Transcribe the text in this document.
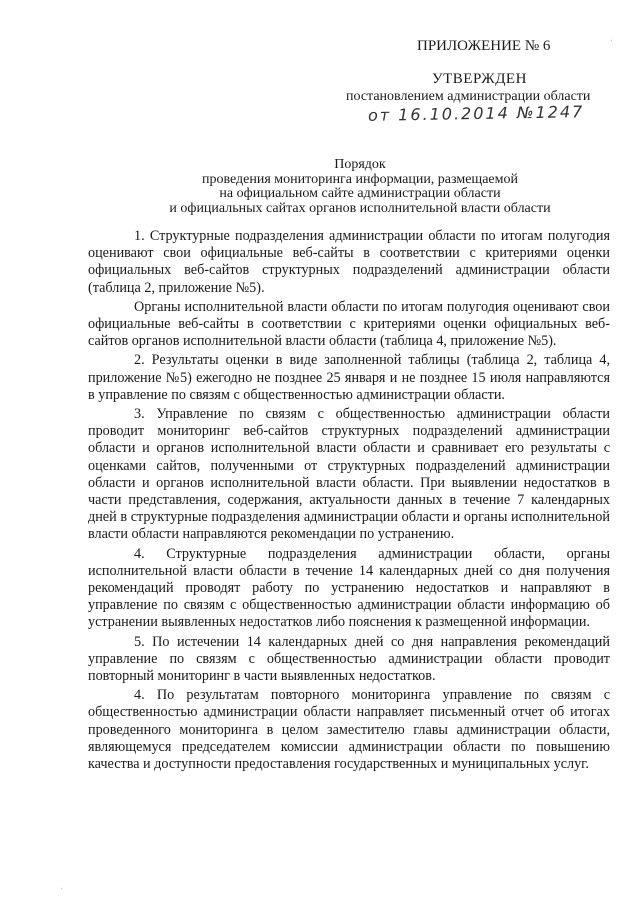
ПРИЛОЖЕНИЕ № 6
УТВЕРЖДЕН
постановлением администрации области
от 16.10.2014 №1247
Порядок
проведения мониторинга информации, размещаемой
на официальном сайте администрации области
и официальных сайтах органов исполнительной власти области

1. Структурные подразделения администрации области по итогам полугодия оценивают свои официальные веб-сайты в соответствии с критериями оценки официальных веб-сайтов структурных подразделений администрации области (таблица 2, приложение №5).

Органы исполнительной власти области по итогам полугодия оценивают свои официальные веб-сайты в соответствии с критериями оценки официальных веб-сайтов органов исполнительной власти области (таблица 4, приложение №5).

2. Результаты оценки в виде заполненной таблицы (таблица 2, таблица 4, приложение №5) ежегодно не позднее 25 января и не позднее 15 июля направляются в управление по связям с общественностью администрации области.

3. Управление по связям с общественностью администрации области проводит мониторинг веб-сайтов структурных подразделений администрации области и органов исполнительной власти области и сравнивает его результаты с оценками сайтов, полученными от структурных подразделений администрации области и органов исполнительной власти области. При выявлении недостатков в части представления, содержания, актуальности данных в течение 7 календарных дней в структурные подразделения администрации области и органы исполнительной власти области направляются рекомендации по устранению.

4. Структурные подразделения администрации области, органы исполнительной власти области в течение 14 календарных дней со дня получения рекомендаций проводят работу по устранению недостатков и направляют в управление по связям с общественностью администрации области информацию об устранении выявленных недостатков либо пояснения к размещенной информации.

5. По истечении 14 календарных дней со дня направления рекомендаций управление по связям с общественностью администрации области проводит повторный мониторинг в части выявленных недостатков.

4. По результатам повторного мониторинга управление по связям с общественностью администрации области направляет письменный отчет об итогах проведенного мониторинга в целом заместителю главы администрации области, являющемуся председателем комиссии администрации области по повышению качества и доступности предоставления государственных и муниципальных услуг.

·
·
